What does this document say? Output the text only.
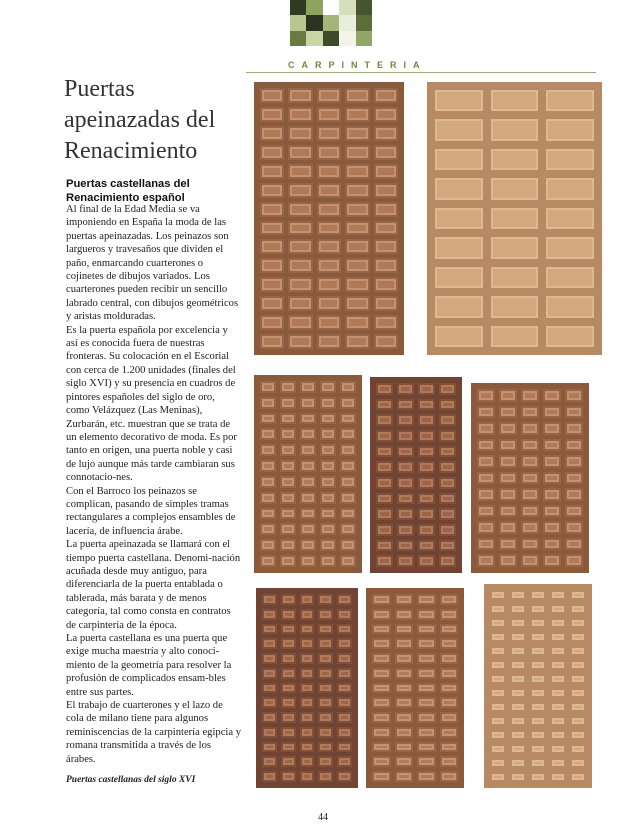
CARPINTERIA
Puertas apeinazadas del Renacimiento
Puertas castellanas del Renacimiento español

Al final de la Edad Media se va imponiendo en España la moda de las puertas apeinazadas. Los peinazos son largueros y travesaños que dividen el paño, enmarcando cuarterones o cojinetes de dibujos variados. Los cuarterones pueden recibir un sencillo labrado central, con dibujos geométricos y aristas molduradas.

Es la puerta española por excelencia y así es conocida fuera de nuestras fronteras. Su colocación en el Escorial con cerca de 1.200 unidades (finales del siglo XVI) y su presencia en cuadros de pintores españoles del siglo de oro, como Velázquez (Las Meninas), Zurbarán, etc. muestran que se trata de un elemento decorativo de moda. Es por tanto en origen, una puerta noble y casi de lujo aunque más tarde cambiaran sus connotacio-nes.

Con el Barroco los peinazos se complican, pasando de simples tramas rectangulares a complejos ensambles de lacería, de influencia árabe.

La puerta apeinazada se llamará con el tiempo puerta castellana. Denomi-nación acuñada desde muy antiguo, para diferenciarla de la puerta entablada o tablerada, más barata y de menos categoría, tal como consta en contratos de carpintería de la época.

La puerta castellana es una puerta que exige mucha maestría y alto conoci-miento de la geometría para resolver la profusión de complicados ensam-bles entre sus partes.

El trabajo de cuarterones y el lazo de cola de milano tiene para algunos reminiscencias de la carpintería egipcia y romana transmitida a través de los árabes.

Puertas castellanas del siglo XVI
44
